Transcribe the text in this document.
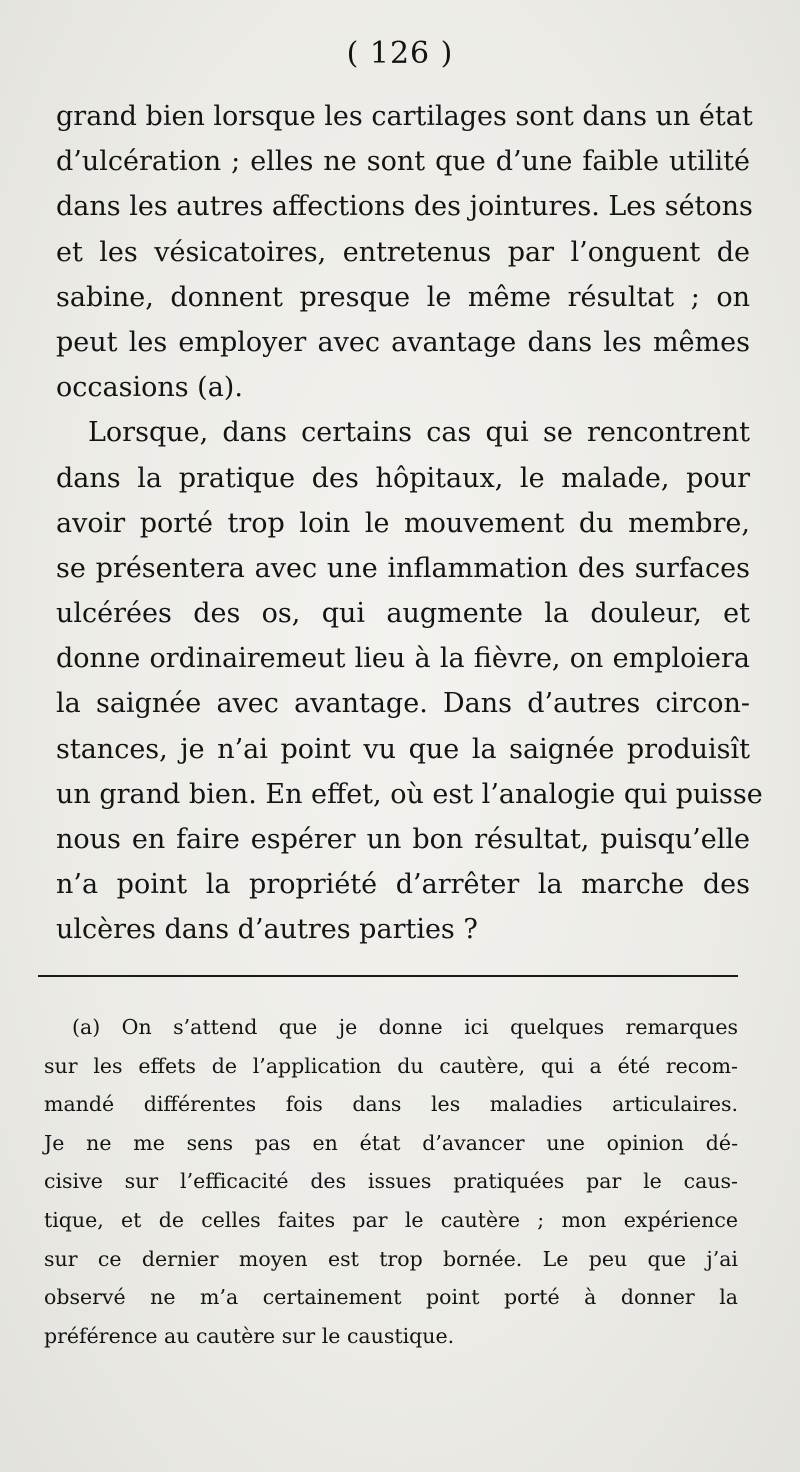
( 126 )
grand bien lorsque les cartilages sont dans un état
d’ulcération ; elles ne sont que d’une faible utilité
dans les autres affections des jointures. Les sétons
et les vésicatoires, entretenus par l’onguent de
sabine, donnent presque le même résultat ; on
peut les employer avec avantage dans les mêmes
occasions (a).
Lorsque, dans certains cas qui se rencontrent
dans la pratique des hôpitaux, le malade, pour
avoir porté trop loin le mouvement du membre,
se présentera avec une inflammation des surfaces
ulcérées des os, qui augmente la douleur, et
donne ordinairemeut lieu à la fièvre, on emploiera
la saignée avec avantage. Dans d’autres circon-
stances, je n’ai point vu que la saignée produisît
un grand bien. En effet, où est l’analogie qui puisse
nous en faire espérer un bon résultat, puisqu’elle
n’a point la propriété d’arrêter la marche des
ulcères dans d’autres parties ?
(a) On s’attend que je donne ici quelques remarques
sur les effets de l’application du cautère, qui a été recom-
mandé différentes fois dans les maladies articulaires.
Je ne me sens pas en état d’avancer une opinion dé-
cisive sur l’efficacité des issues pratiquées par le caus-
tique, et de celles faites par le cautère ; mon expérience
sur ce dernier moyen est trop bornée. Le peu que j’ai
observé ne m’a certainement point porté à donner la
préférence au cautère sur le caustique.
